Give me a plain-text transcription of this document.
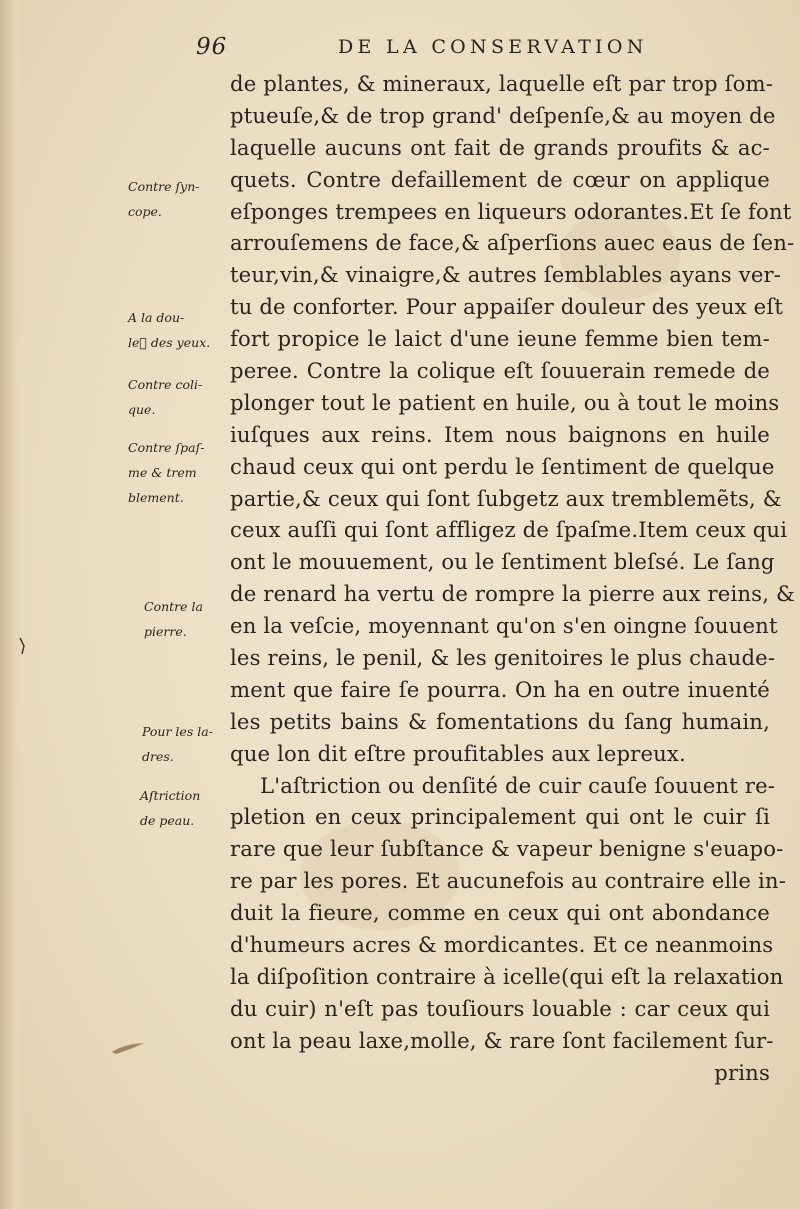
96	DE LA CONSERVATION
de plantes, & mineraux, laquelle eſt par trop ſom-
ptueuſe,& de trop grand' deſpenſe,& au moyen de
laquelle aucuns ont fait de grands proufits & ac-
quets. Contre defaillement de cœur on applique
eſponges trempees en liqueurs odorantes.Et ſe font
arrouſemens de face,& aſperſions auec eaus de ſen-
teur,vin,& vinaigre,& autres ſemblables ayans ver-
tu de conforter. Pour appaiſer douleur des yeux eſt
fort propice le laict d'une ieune femme bien tem-
peree. Contre la colique eſt ſouuerain remede de
plonger tout le patient en huile, ou à tout le moins
iuſques aux reins. Item nous baignons en huile
chaud ceux qui ont perdu le ſentiment de quelque
partie,& ceux qui ſont ſubgetz aux tremblemẽts, &
ceux auſſi qui ſont affligez de ſpaſme.Item ceux qui
ont le mouuement, ou le ſentiment bleſsé. Le ſang
de renard ha vertu de rompre la pierre aux reins, &
en la veſcie, moyennant qu'on s'en oingne ſouuent
les reins, le penil, & les genitoires le plus chaude-
ment que faire ſe pourra. On ha en outre inuenté
les petits bains & fomentations du ſang humain,
que lon dit eſtre proufitables aux lepreux.
L'aſtriction ou denſité de cuir cauſe ſouuent re-
pletion en ceux principalement qui ont le cuir ſi
rare que leur ſubſtance & vapeur benigne s'euapo-
re par les pores. Et aucunefois au contraire elle in-
duit la fieure, comme en ceux qui ont abondance
d'humeurs acres & mordicantes. Et ce neanmoins
la diſpoſition contraire à icelle(qui eſt la relaxation
du cuir) n'eſt pas touſiours louable : car ceux qui
ont la peau laxe,molle, & rare ſont facilement ſur-
prins
Contre ſyn-
cope.
A la dou-
le᷑ des yeux.
Contre coli-
que.
Contre ſpaſ-
me & trem
blement.
Contre la
pierre.
Pour les la-
dres.
Aſtriction
de peau.
